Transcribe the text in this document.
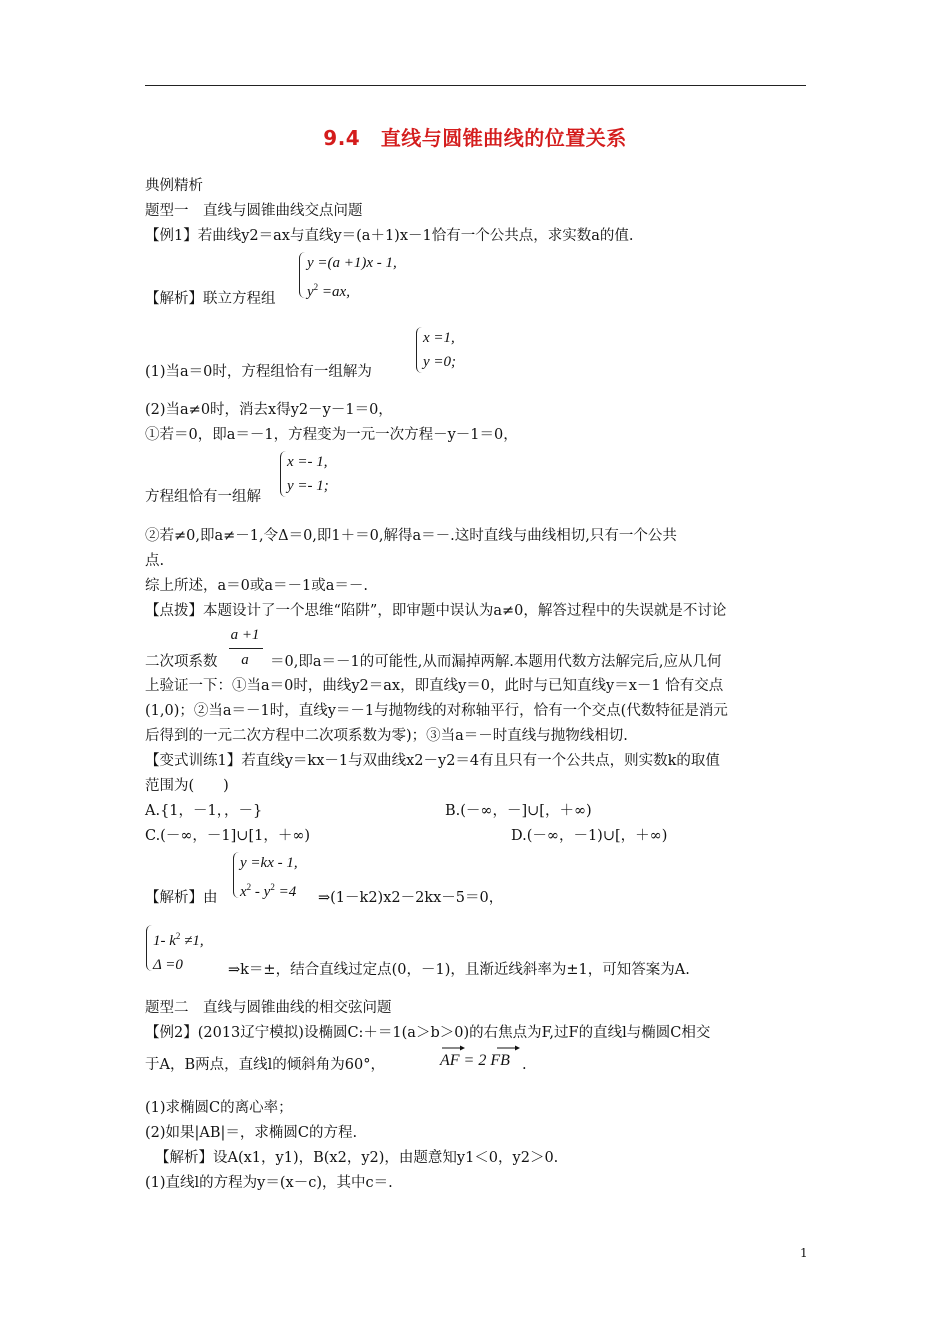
9.4　直线与圆锥曲线的位置关系
典例精析
题型一　直线与圆锥曲线交点问题
【例1】若曲线y2＝ax与直线y＝(a＋1)x－1恰有一个公共点，求实数a的值.
y =(a +1)x - 1,
$y^2 =ax$,
【解析】联立方程组
x =1,
y =0;
(1)当a＝0时，方程组恰有一组解为
(2)当a≠0时，消去x得y2－y－1＝0，
①若＝0，即a＝－1，方程变为一元一次方程－y－1＝0，
x =- 1,
y =- 1;
方程组恰有一组解
②若≠0,即a≠－1,令Δ＝0,即1＋＝0,解得a＝－.这时直线与曲线相切,只有一个公共
点.
综上所述，a＝0或a＝－1或a＝－.
【点拨】本题设计了一个思维“陷阱”，即审题中误认为a≠0，解答过程中的失误就是不讨论
a +1
a
二次项系数	＝0,即a＝－1的可能性,从而漏掉两解.本题用代数方法解完后,应从几何
上验证一下：①当a＝0时，曲线y2＝ax，即直线y＝0，此时与已知直线y＝x－1 恰有交点
(1,0)；②当a＝－1时，直线y＝－1与抛物线的对称轴平行，恰有一个交点(代数特征是消元
后得到的一元二次方程中二次项系数为零)；③当a＝－时直线与抛物线相切.
【变式训练1】若直线y＝kx－1与双曲线x2－y2＝4有且只有一个公共点，则实数k的取值
范围为(　　)
A.{1，－1，，－}	B.(－∞，－]∪[，＋∞)
C.(－∞，－1]∪[1，＋∞)	D.(－∞，－1)∪[，＋∞)
y =kx - 1,
$x^2 - y^2 =4$
【解析】由	⇒(1－k2)x2－2kx－5＝0，
1- $k^2 \ne 1$,
Δ =0	⇒k＝±，结合直线过定点(0，－1)，且渐近线斜率为±1，可知答案为A.
题型二　直线与圆锥曲线的相交弦问题
【例2】(2013辽宁模拟)设椭圆C:＋＝1(a＞b＞0)的右焦点为F,过F的直线l与椭圆C相交
于A，B两点，直线l的倾斜角为60°，	AF = 2 FB .
(1)求椭圆C的离心率；
(2)如果|AB|＝，求椭圆C的方程.
【解析】设A(x1，y1)，B(x2，y2)，由题意知y1＜0，y2＞0.
(1)直线l的方程为y＝(x－c)，其中c＝.
1
